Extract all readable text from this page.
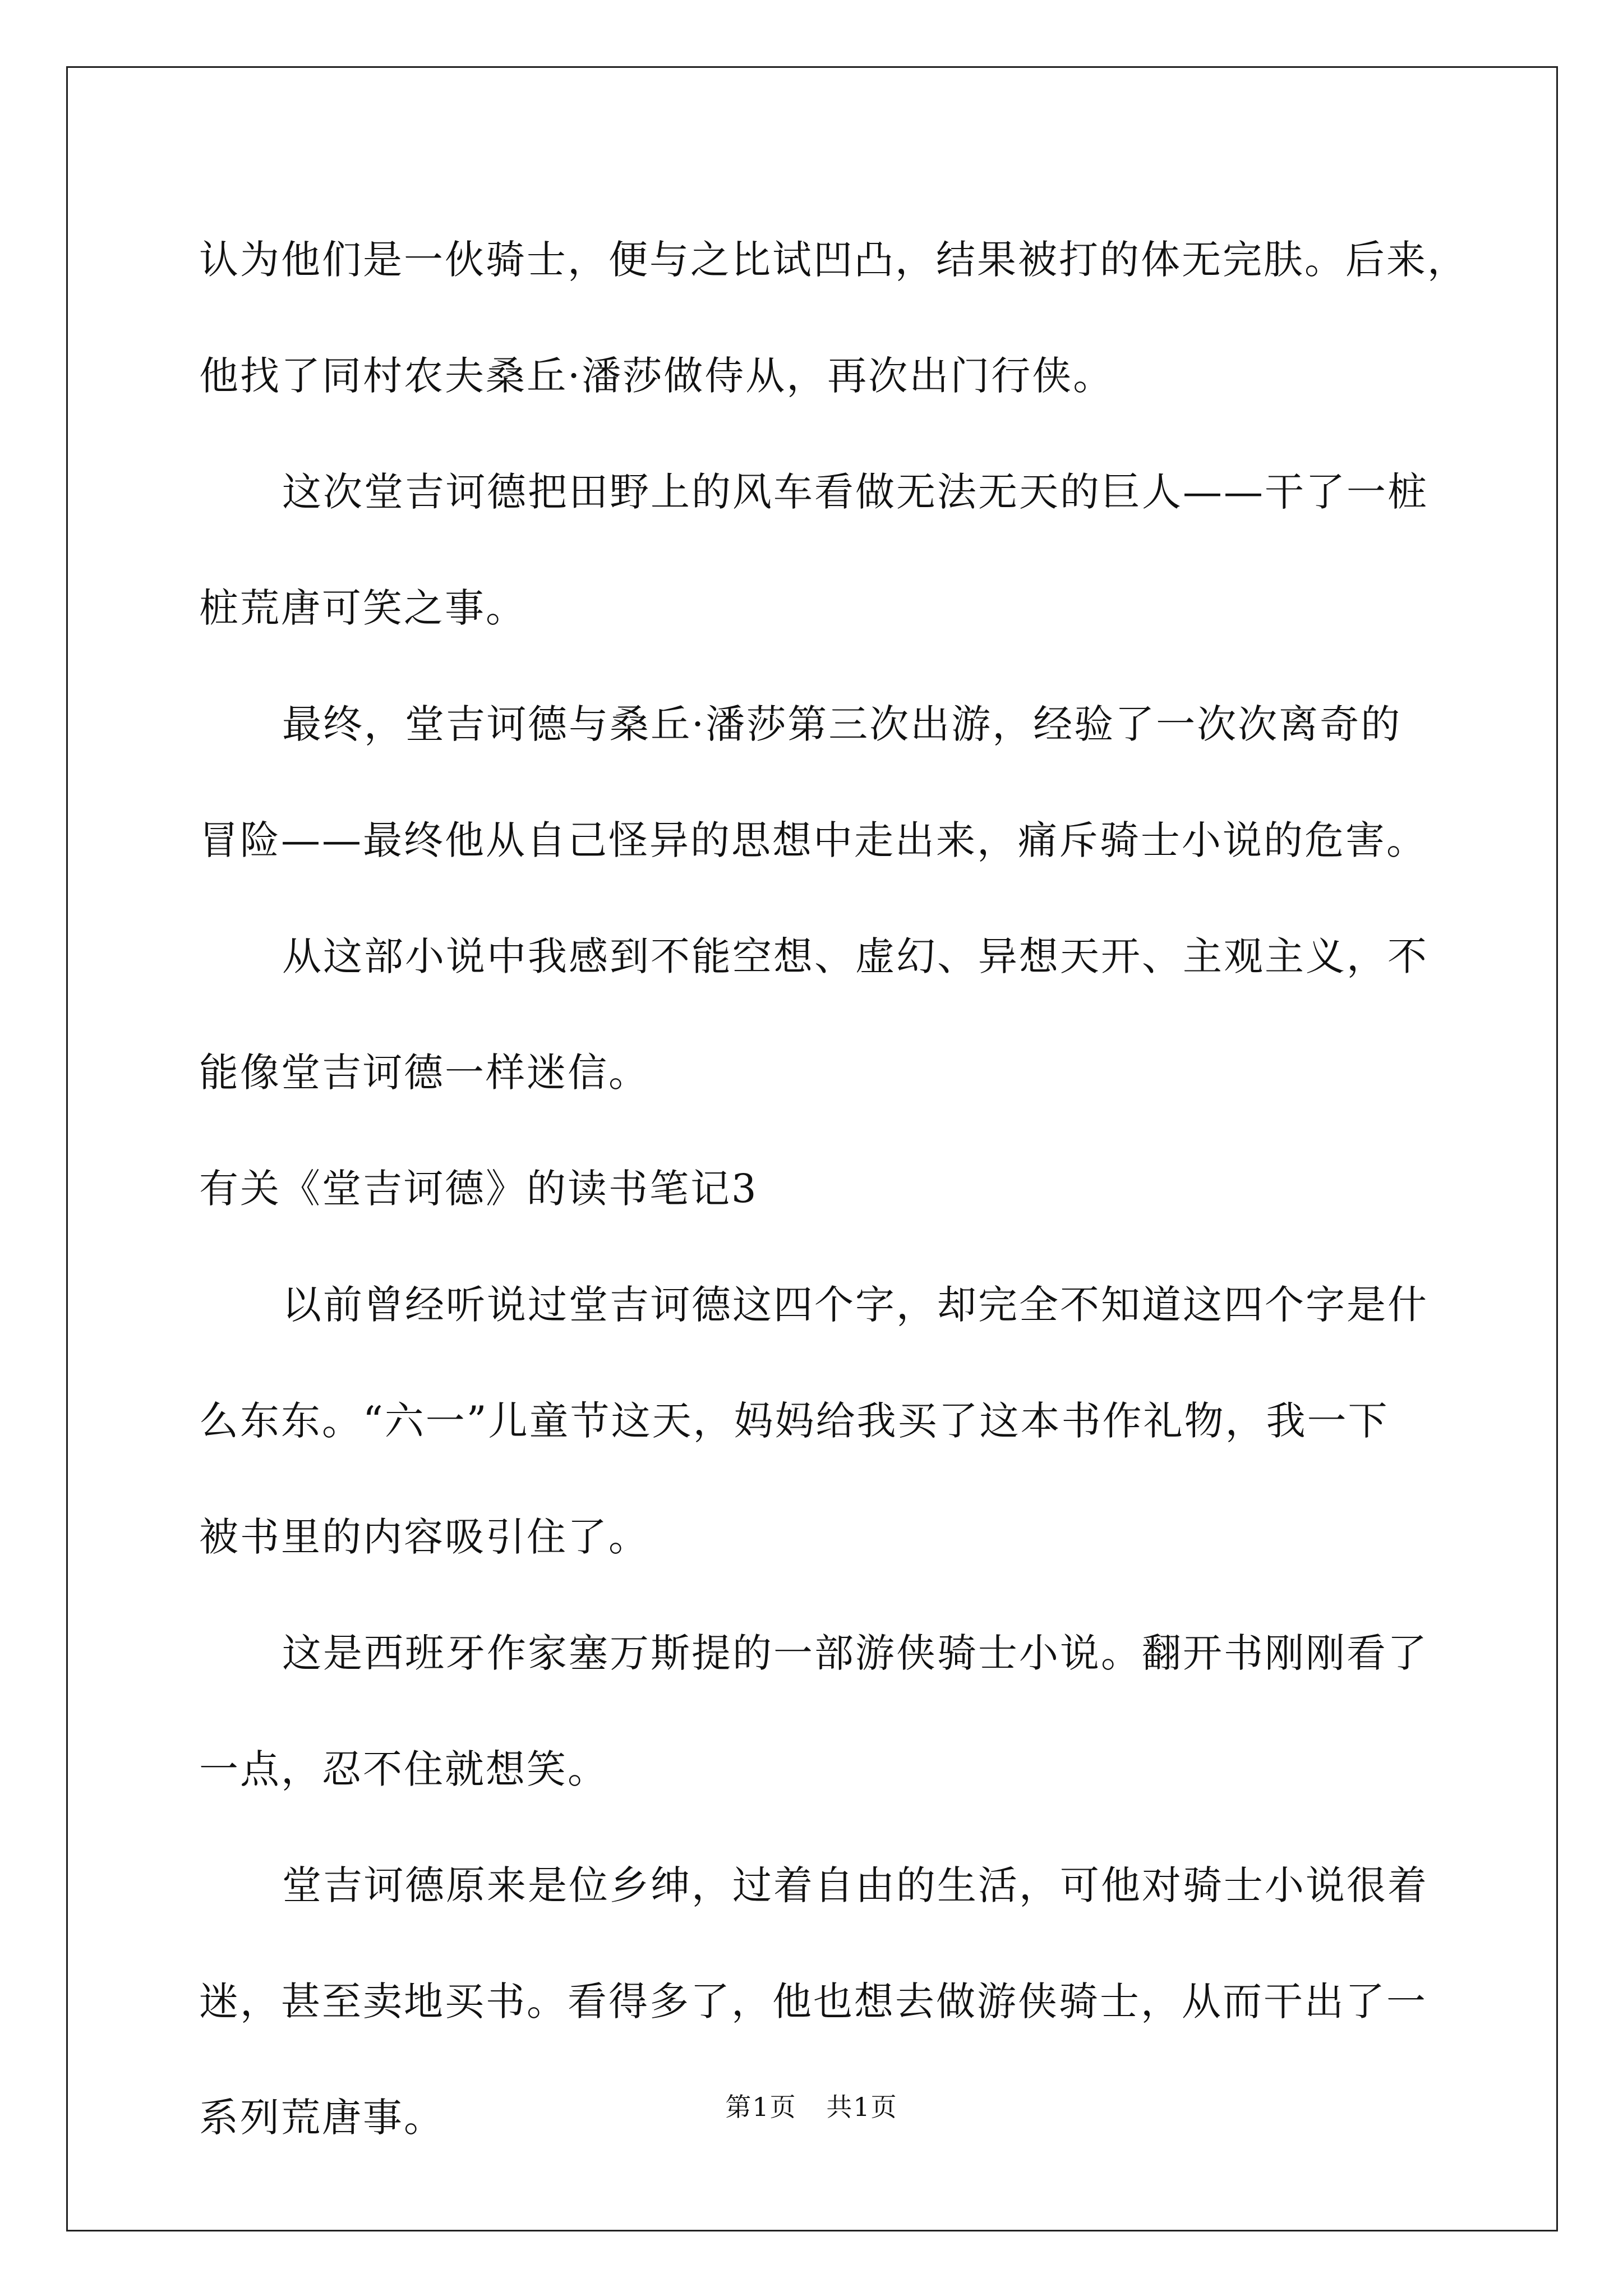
认为他们是一伙骑士，便与之比试凹凸，结果被打的体无完肤。后来，
他找了同村农夫桑丘·潘莎做侍从，再次出门行侠。
这次堂吉诃德把田野上的风车看做无法无天的巨人——干了一桩
桩荒唐可笑之事。
最终，堂吉诃德与桑丘·潘莎第三次出游，经验了一次次离奇的
冒险——最终他从自己怪异的思想中走出来，痛斥骑士小说的危害。
从这部小说中我感到不能空想、虚幻、异想天开、主观主义，不
能像堂吉诃德一样迷信。
有关《堂吉诃德》的读书笔记3
以前曾经听说过堂吉诃德这四个字，却完全不知道这四个字是什
么东东。“六一”儿童节这天，妈妈给我买了这本书作礼物，我一下
被书里的内容吸引住了。
这是西班牙作家塞万斯提的一部游侠骑士小说。翻开书刚刚看了
一点，忍不住就想笑。
堂吉诃德原来是位乡绅，过着自由的生活，可他对骑士小说很着
迷，甚至卖地买书。看得多了，他也想去做游侠骑士，从而干出了一
系列荒唐事。	第1页 共1页
